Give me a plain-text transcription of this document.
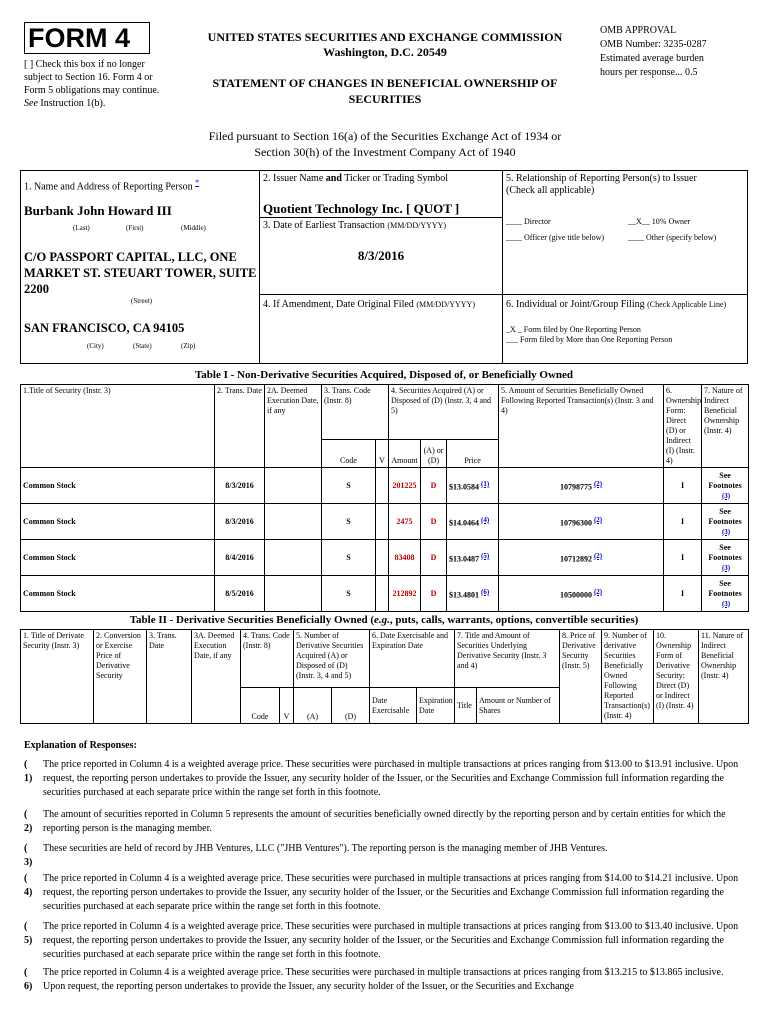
FORM 4
[ ] Check this box if no longer subject to Section 16. Form 4 or Form 5 obligations may continue. See Instruction 1(b).
UNITED STATES SECURITIES AND EXCHANGE COMMISSION
Washington, D.C. 20549
STATEMENT OF CHANGES IN BENEFICIAL OWNERSHIP OF SECURITIES
OMB APPROVAL
OMB Number: 3235-0287
Estimated average burden
hours per response... 0.5
Filed pursuant to Section 16(a) of the Securities Exchange Act of 1934 or
Section 30(h) of the Investment Company Act of 1940
1. Name and Address of Reporting Person *
Burbank John Howard III
(Last)	(First)	(Middle)
C/O PASSPORT CAPITAL, LLC, ONE MARKET ST. STEUART TOWER, SUITE 2200
(Street)
SAN FRANCISCO, CA 94105
(City)	(State)	(Zip)
2. Issuer Name and Ticker or Trading Symbol
Quotient Technology Inc. [ QUOT ]
3. Date of Earliest Transaction (MM/DD/YYYY)
8/3/2016
4. If Amendment, Date Original Filed (MM/DD/YYYY)
5. Relationship of Reporting Person(s) to Issuer
(Check all applicable)
____ Director	__X__ 10% Owner
____ Officer (give title below)	____ Other (specify below)
6. Individual or Joint/Group Filing (Check Applicable Line)
_X _ Form filed by One Reporting Person
___ Form filed by More than One Reporting Person
Table I - Non-Derivative Securities Acquired, Disposed of, or Beneficially Owned
1.Title of Security (Instr. 3)	2. Trans. Date	2A. Deemed Execution Date, if any	3. Trans. Code (Instr. 8)		4. Securities Acquired (A) or Disposed of (D) (Instr. 3, 4 and 5)			5. Amount of Securities Beneficially Owned Following Reported Transaction(s) (Instr. 3 and 4)	6. Ownership Form: Direct (D) or Indirect (I) (Instr. 4)	7. Nature of Indirect Beneficial Ownership (Instr. 4)
			Code	V	Amount	(A) or (D)	Price			
Common Stock	8/3/2016		S		201225	D	$13.0584 (1)	10798775 (2)	I	See Footnotes
(3)
Common Stock	8/3/2016		S		2475	D	$14.0464 (4)	10796300 (2)	I	See Footnotes
(3)
Common Stock	8/4/2016		S		83408	D	$13.0487 (5)	10712892 (2)	I	See Footnotes
(3)
Common Stock	8/5/2016		S		212892	D	$13.4801 (6)	10500000 (2)	I	See Footnotes
(3)
Table II - Derivative Securities Beneficially Owned (e.g., puts, calls, warrants, options, convertible securities)
1. Title of Derivate Security (Instr. 3)	2. Conversion or Exercise Price of Derivative Security	3. Trans. Date	3A. Deemed Execution Date, if any	4. Trans. Code (Instr. 8)		5. Number of Derivative Securities Acquired (A) or Disposed of (D) (Instr. 3, 4 and 5)		6. Date Exercisable and Expiration Date		7. Title and Amount of Securities Underlying Derivative Security (Instr. 3 and 4)		8. Price of Derivative Security (Instr. 5)	9. Number of derivative Securities Beneficially Owned Following Reported Transaction(s) (Instr. 4)	10. Ownership Form of Derivative Security: Direct (D) or Indirect (I) (Instr. 4)	11. Nature of Indirect Beneficial Ownership (Instr. 4)
				Code	V	(A)	(D)	Date Exercisable	Expiration Date	Title	Amount or Number of Shares				
Explanation of Responses:
( 1)
The price reported in Column 4 is a weighted average price. These securities were purchased in multiple transactions at prices ranging from $13.00 to $13.91 inclusive. Upon request, the reporting person undertakes to provide the Issuer, any security holder of the Issuer, or the Securities and Exchange Commission full information regarding the securities purchased at each separate price within the range set forth in this footnote.
( 2)
The amount of securities reported in Column 5 represents the amount of securities beneficially owned directly by the reporting person and by certain entities for which the reporting person is the managing member.
( 3)
These securities are held of record by JHB Ventures, LLC ("JHB Ventures"). The reporting person is the managing member of JHB Ventures.
( 4)
The price reported in Column 4 is a weighted average price. These securities were purchased in multiple transactions at prices ranging from $14.00 to $14.21 inclusive. Upon request, the reporting person undertakes to provide the Issuer, any security holder of the Issuer, or the Securities and Exchange Commission full information regarding the securities purchased at each separate price within the range set forth in this footnote.
( 5)
The price reported in Column 4 is a weighted average price. These securities were purchased in multiple transactions at prices ranging from $13.00 to $13.40 inclusive. Upon request, the reporting person undertakes to provide the Issuer, any security holder of the Issuer, or the Securities and Exchange Commission full information regarding the securities purchased at each separate price within the range set forth in this footnote.
( 6)
The price reported in Column 4 is a weighted average price. These securities were purchased in multiple transactions at prices ranging from $13.215 to $13.865 inclusive. Upon request, the reporting person undertakes to provide the Issuer, any security holder of the Issuer, or the Securities and Exchange
